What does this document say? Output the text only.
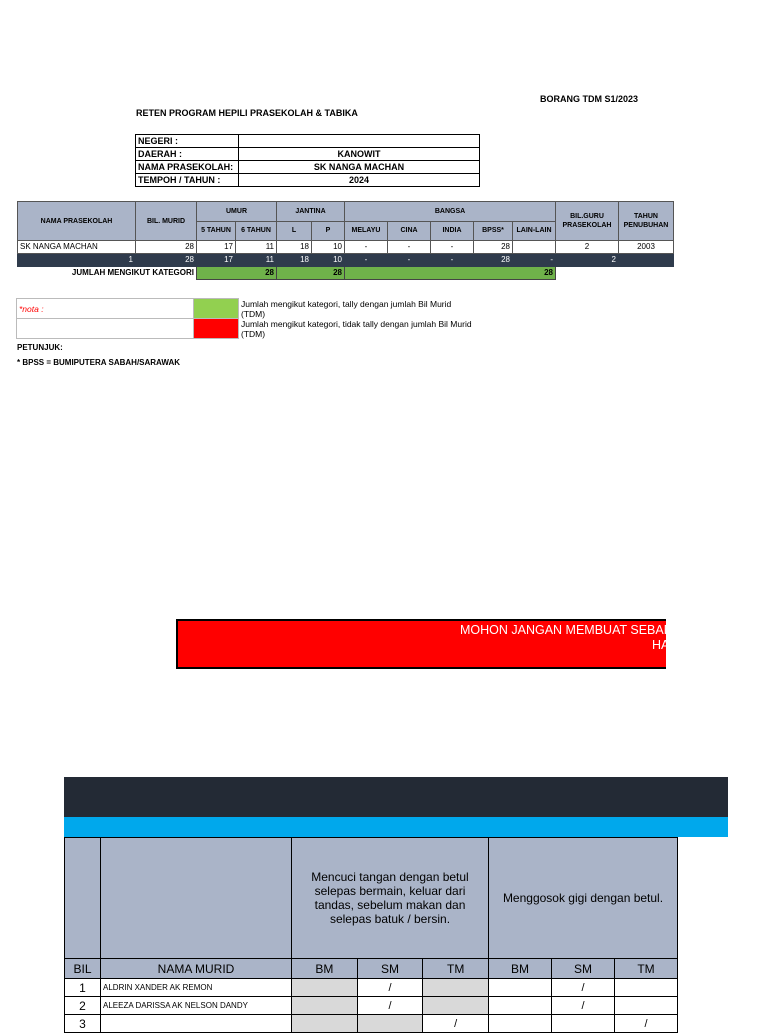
BORANG TDM S1/2023
RETEN PROGRAM HEPILI PRASEKOLAH & TABIKA
NEGERI :	
DAERAH :	KANOWIT
NAMA PRASEKOLAH:	SK NANGA MACHAN
TEMPOH / TAHUN :	2024
NAMA PRASEKOLAH	BIL. MURID	UMUR		JANTINA		BANGSA					BIL.GURU PRASEKOLAH	TAHUN PENUBUHAN
		5 TAHUN	6 TAHUN	L	P	MELAYU	CINA	INDIA	BPSS*	LAIN-LAIN		
SK NANGA MACHAN	28	17	11	18	10	-	-	-	28		2	2003
1	28	17	11	18	10	-	-	-	28	-	2	
JUMLAH MENGIKUT KATEGORI		28		28		28						
*nota :		Jumlah mengikut kategori, tally dengan jumlah Bil Murid (TDM)
		Jumlah mengikut kategori, tidak tally dengan jumlah Bil Murid (TDM)
PETUNJUK:
* BPSS = BUMIPUTERA SABAH/SARAWAK
MOHON JANGAN MEMBUAT SEBAR
HA
		Mencuci tangan dengan betul selepas bermain, keluar dari tandas, sebelum makan dan selepas batuk / bersin.			Menggosok gigi dengan betul.		
BIL	NAMA MURID	BM	SM	TM	BM	SM	TM
1	ALDRIN XANDER AK REMON		/			/	
2	ALEEZA DARISSA AK NELSON DANDY		/			/	
3				/			/
